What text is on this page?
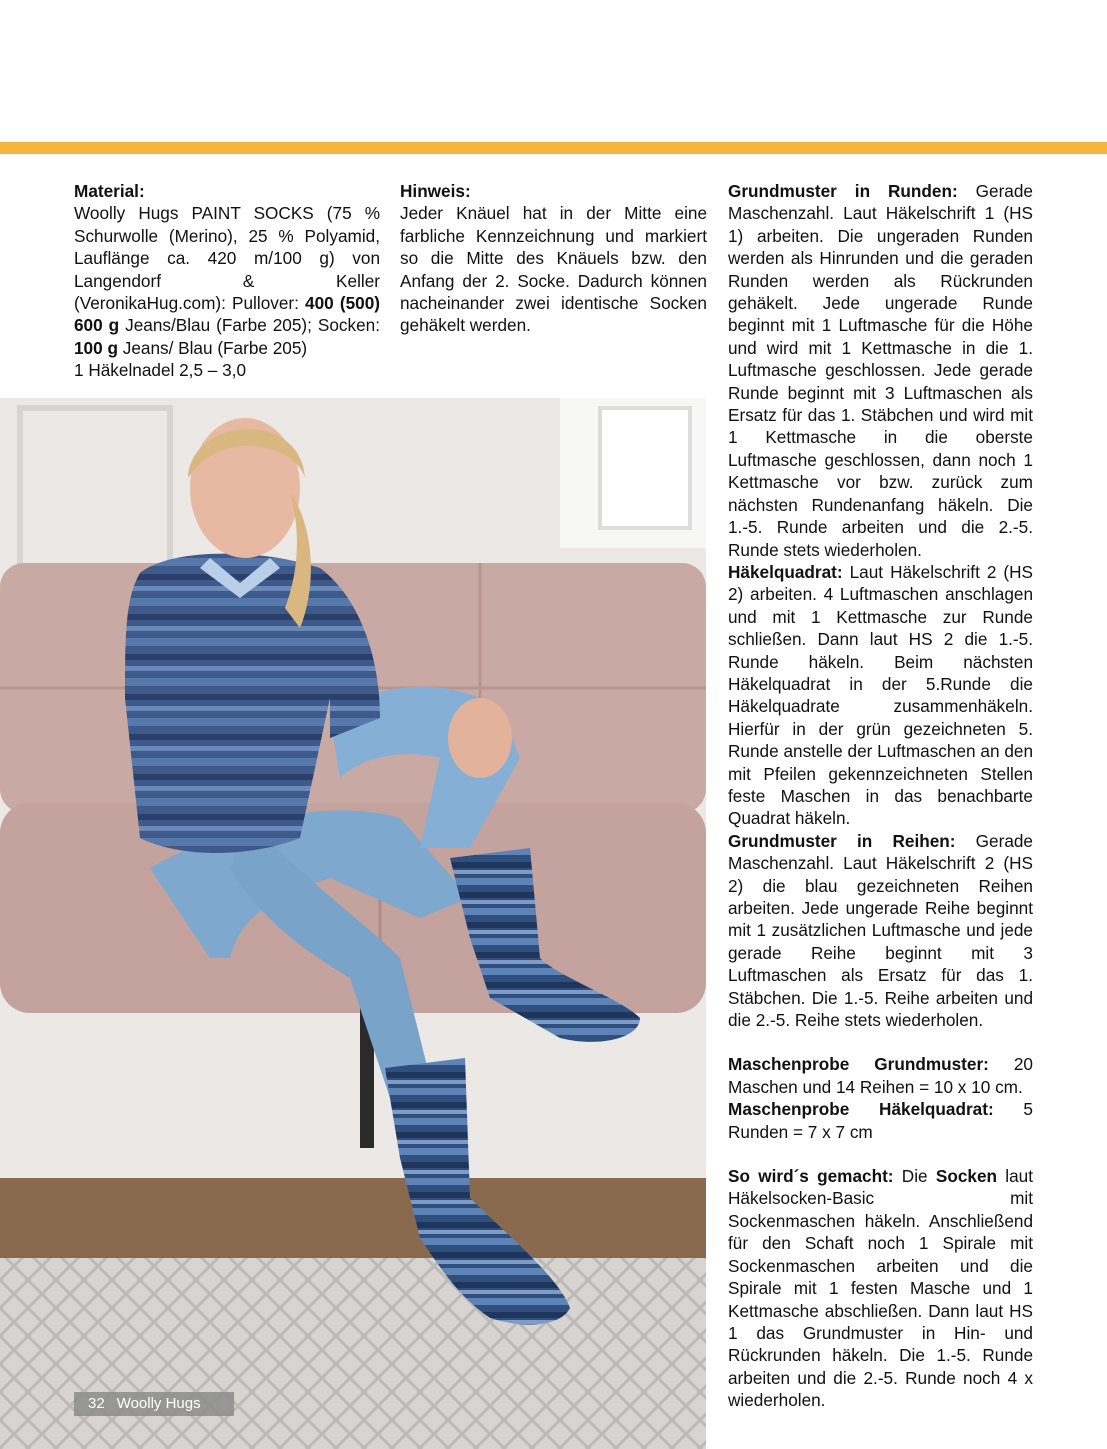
Material:
Woolly Hugs PAINT SOCKS (75 % Schurwolle (Merino), 25 % Polyamid, Lauflänge ca. 420 m/100 g) von Langendorf & Keller (VeronikaHug.com): Pullover: 400 (500) 600 g Jeans/Blau (Farbe 205); Socken: 100 g Jeans/ Blau (Farbe 205)

1 Häkelnadel 2,5 – 3,0

Hinweis:
Jeder Knäuel hat in der Mitte eine farbliche Kennzeichnung und markiert so die Mitte des Knäuels bzw. den Anfang der 2. Socke. Dadurch können nacheinander zwei identische Socken gehäkelt werden.

Grundmuster in Runden: Gerade Maschenzahl. Laut Häkelschrift 1 (HS 1) arbeiten. Die ungeraden Runden werden als Hinrunden und die geraden Runden werden als Rückrunden gehäkelt. Jede ungerade Runde beginnt mit 1 Luftmasche für die Höhe und wird mit 1 Kettmasche in die 1. Luftmasche geschlossen. Jede gerade Runde beginnt mit 3 Luftmaschen als Ersatz für das 1. Stäbchen und wird mit 1 Kettmasche in die oberste Luftmasche geschlossen, dann noch 1 Kettmasche vor bzw. zurück zum nächsten Rundenanfang häkeln. Die 1.-5. Runde arbeiten und die 2.-5. Runde stets wiederholen.

Häkelquadrat: Laut Häkelschrift 2 (HS 2) arbeiten. 4 Luftmaschen anschlagen und mit 1 Kettmasche zur Runde schließen. Dann laut HS 2 die 1.-5. Runde häkeln. Beim nächsten Häkelquadrat in der 5.Runde die Häkelquadrate zusammenhäkeln. Hierfür in der grün gezeichneten 5. Runde anstelle der Luftmaschen an den mit Pfeilen gekennzeichneten Stellen feste Maschen in das benachbarte Quadrat häkeln.

Grundmuster in Reihen: Gerade Maschenzahl. Laut Häkelschrift 2 (HS 2) die blau gezeichneten Reihen arbeiten. Jede ungerade Reihe beginnt mit 1 zusätzlichen Luftmasche und jede gerade Reihe beginnt mit 3 Luftmaschen als Ersatz für das 1. Stäbchen. Die 1.-5. Reihe arbeiten und die 2.-5. Reihe stets wiederholen.

Maschenprobe Grundmuster: 20 Maschen und 14 Reihen = 10 x 10 cm.

Maschenprobe Häkelquadrat: 5 Runden = 7 x 7 cm

So wird´s gemacht: Die Socken laut Häkelsocken-Basic mit Sockenmaschen häkeln. Anschließend für den Schaft noch 1 Spirale mit Sockenmaschen arbeiten und die Spirale mit 1 festen Masche und 1 Kettmasche abschließen. Dann laut HS 1 das Grundmuster in Hin- und Rückrunden häkeln. Die 1.-5. Runde arbeiten und die 2.-5. Runde noch 4 x wiederholen.

32 Woolly Hugs
